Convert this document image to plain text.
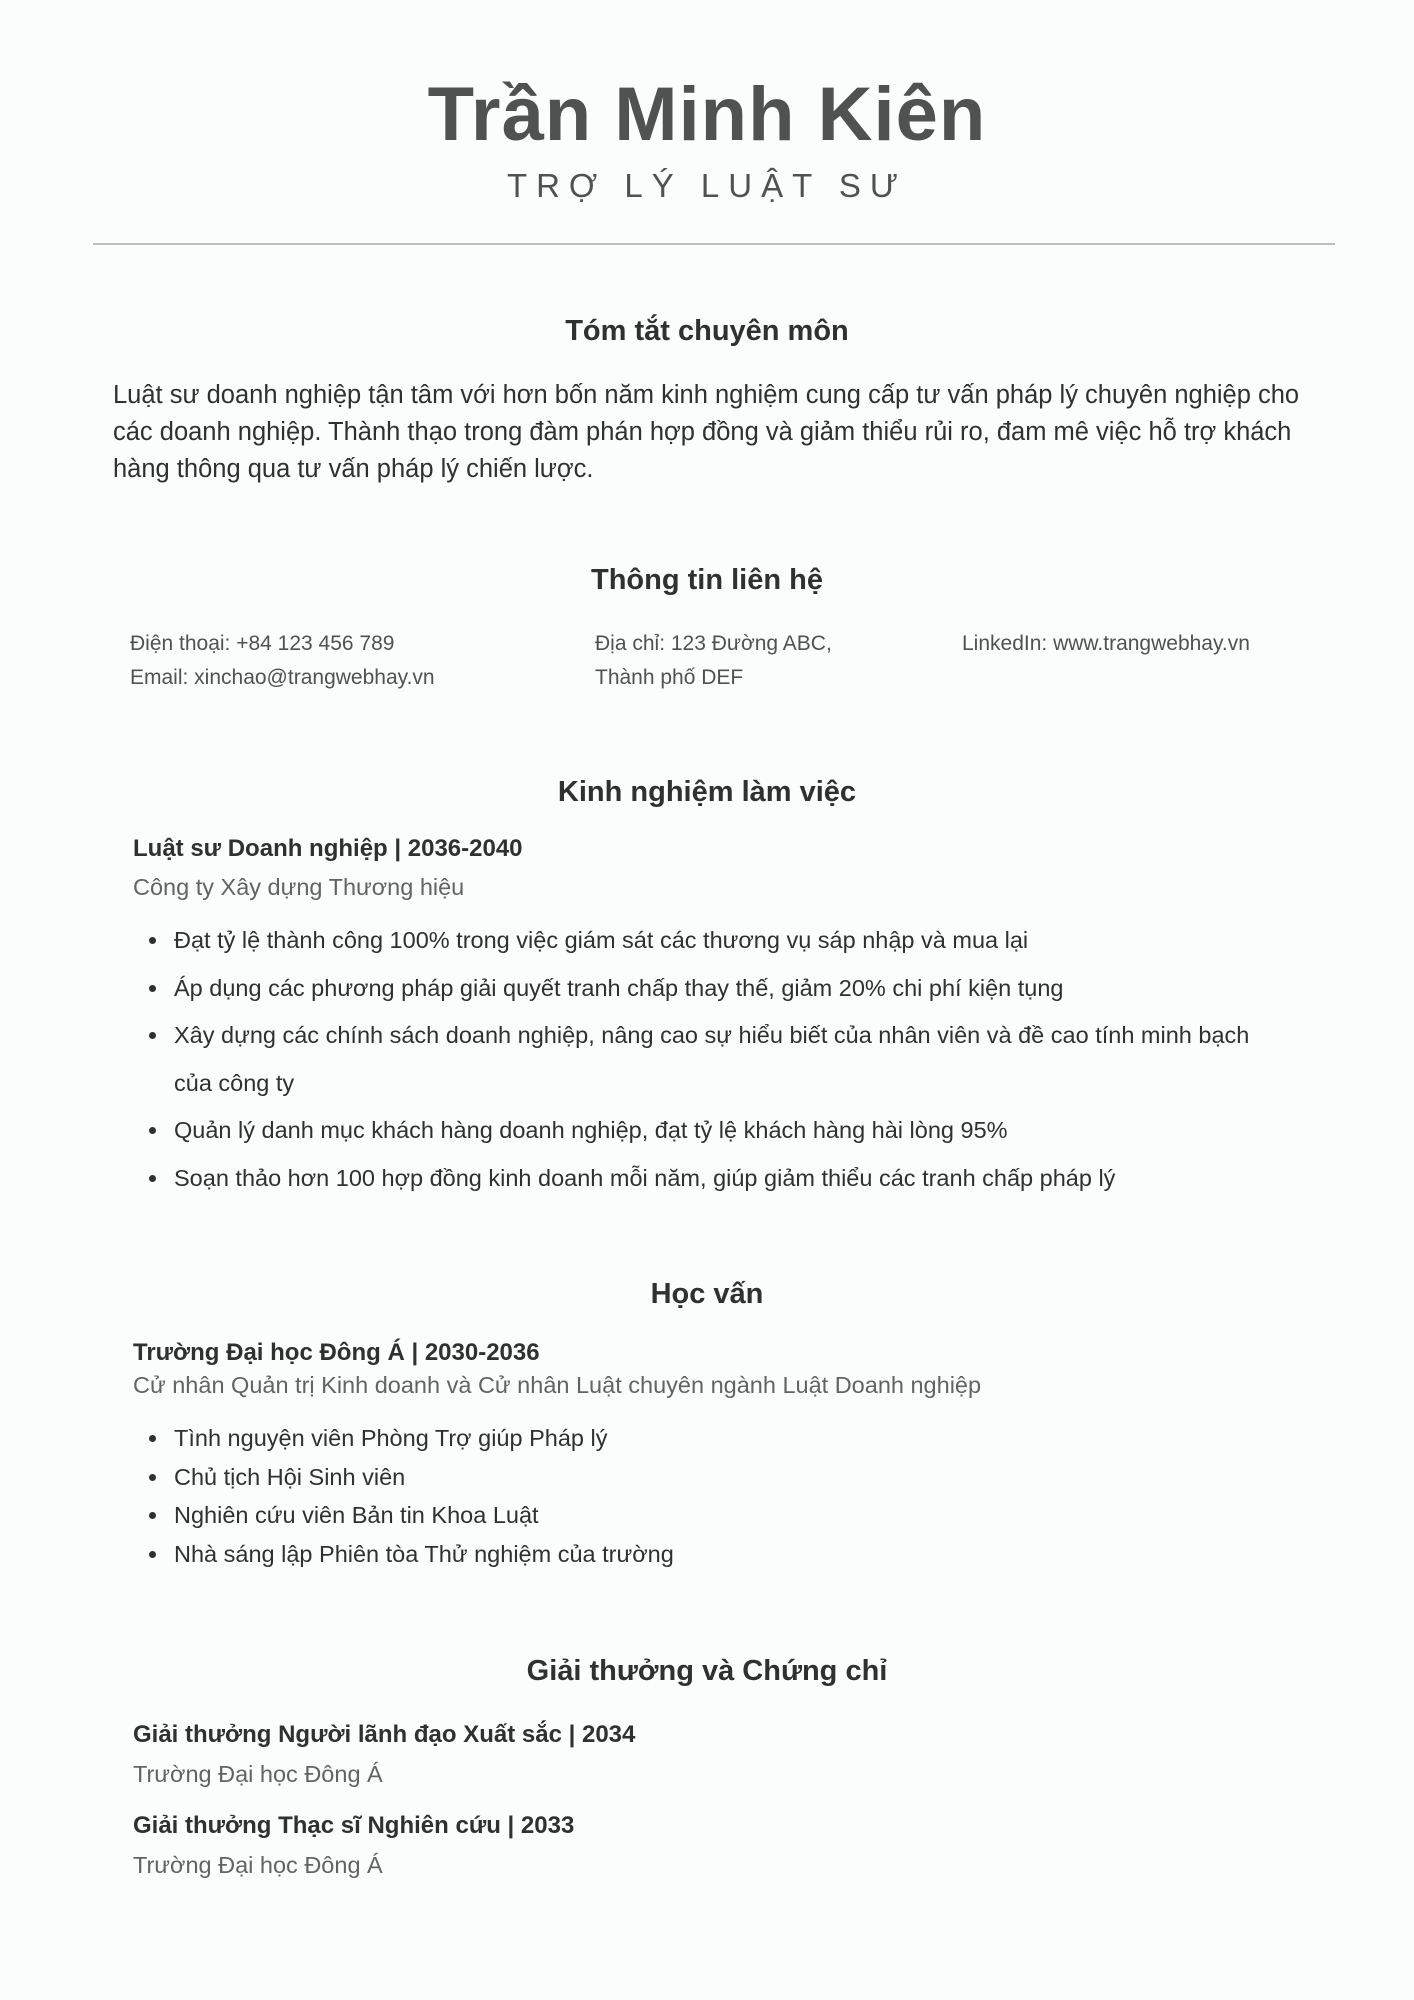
Trần Minh Kiên
TRỢ LÝ LUẬT SƯ
Tóm tắt chuyên môn
Luật sư doanh nghiệp tận tâm với hơn bốn năm kinh nghiệm cung cấp tư vấn pháp lý chuyên nghiệp cho các doanh nghiệp. Thành thạo trong đàm phán hợp đồng và giảm thiểu rủi ro, đam mê việc hỗ trợ khách hàng thông qua tư vấn pháp lý chiến lược.
Thông tin liên hệ
Điện thoại: +84 123 456 789
Email: xinchao@trangwebhay.vn
Địa chỉ: 123 Đường ABC,
Thành phố DEF
LinkedIn: www.trangwebhay.vn
Kinh nghiệm làm việc
Luật sư Doanh nghiệp | 2036-2040
Công ty Xây dựng Thương hiệu
Đạt tỷ lệ thành công 100% trong việc giám sát các thương vụ sáp nhập và mua lại
Áp dụng các phương pháp giải quyết tranh chấp thay thế, giảm 20% chi phí kiện tụng
Xây dựng các chính sách doanh nghiệp, nâng cao sự hiểu biết của nhân viên và đề cao tính minh bạch của công ty
Quản lý danh mục khách hàng doanh nghiệp, đạt tỷ lệ khách hàng hài lòng 95%
Soạn thảo hơn 100 hợp đồng kinh doanh mỗi năm, giúp giảm thiểu các tranh chấp pháp lý
Học vấn
Trường Đại học Đông Á | 2030-2036
Cử nhân Quản trị Kinh doanh và Cử nhân Luật chuyên ngành Luật Doanh nghiệp
Tình nguyện viên Phòng Trợ giúp Pháp lý
Chủ tịch Hội Sinh viên
Nghiên cứu viên Bản tin Khoa Luật
Nhà sáng lập Phiên tòa Thử nghiệm của trường
Giải thưởng và Chứng chỉ
Giải thưởng Người lãnh đạo Xuất sắc | 2034
Trường Đại học Đông Á
Giải thưởng Thạc sĩ Nghiên cứu | 2033
Trường Đại học Đông Á
